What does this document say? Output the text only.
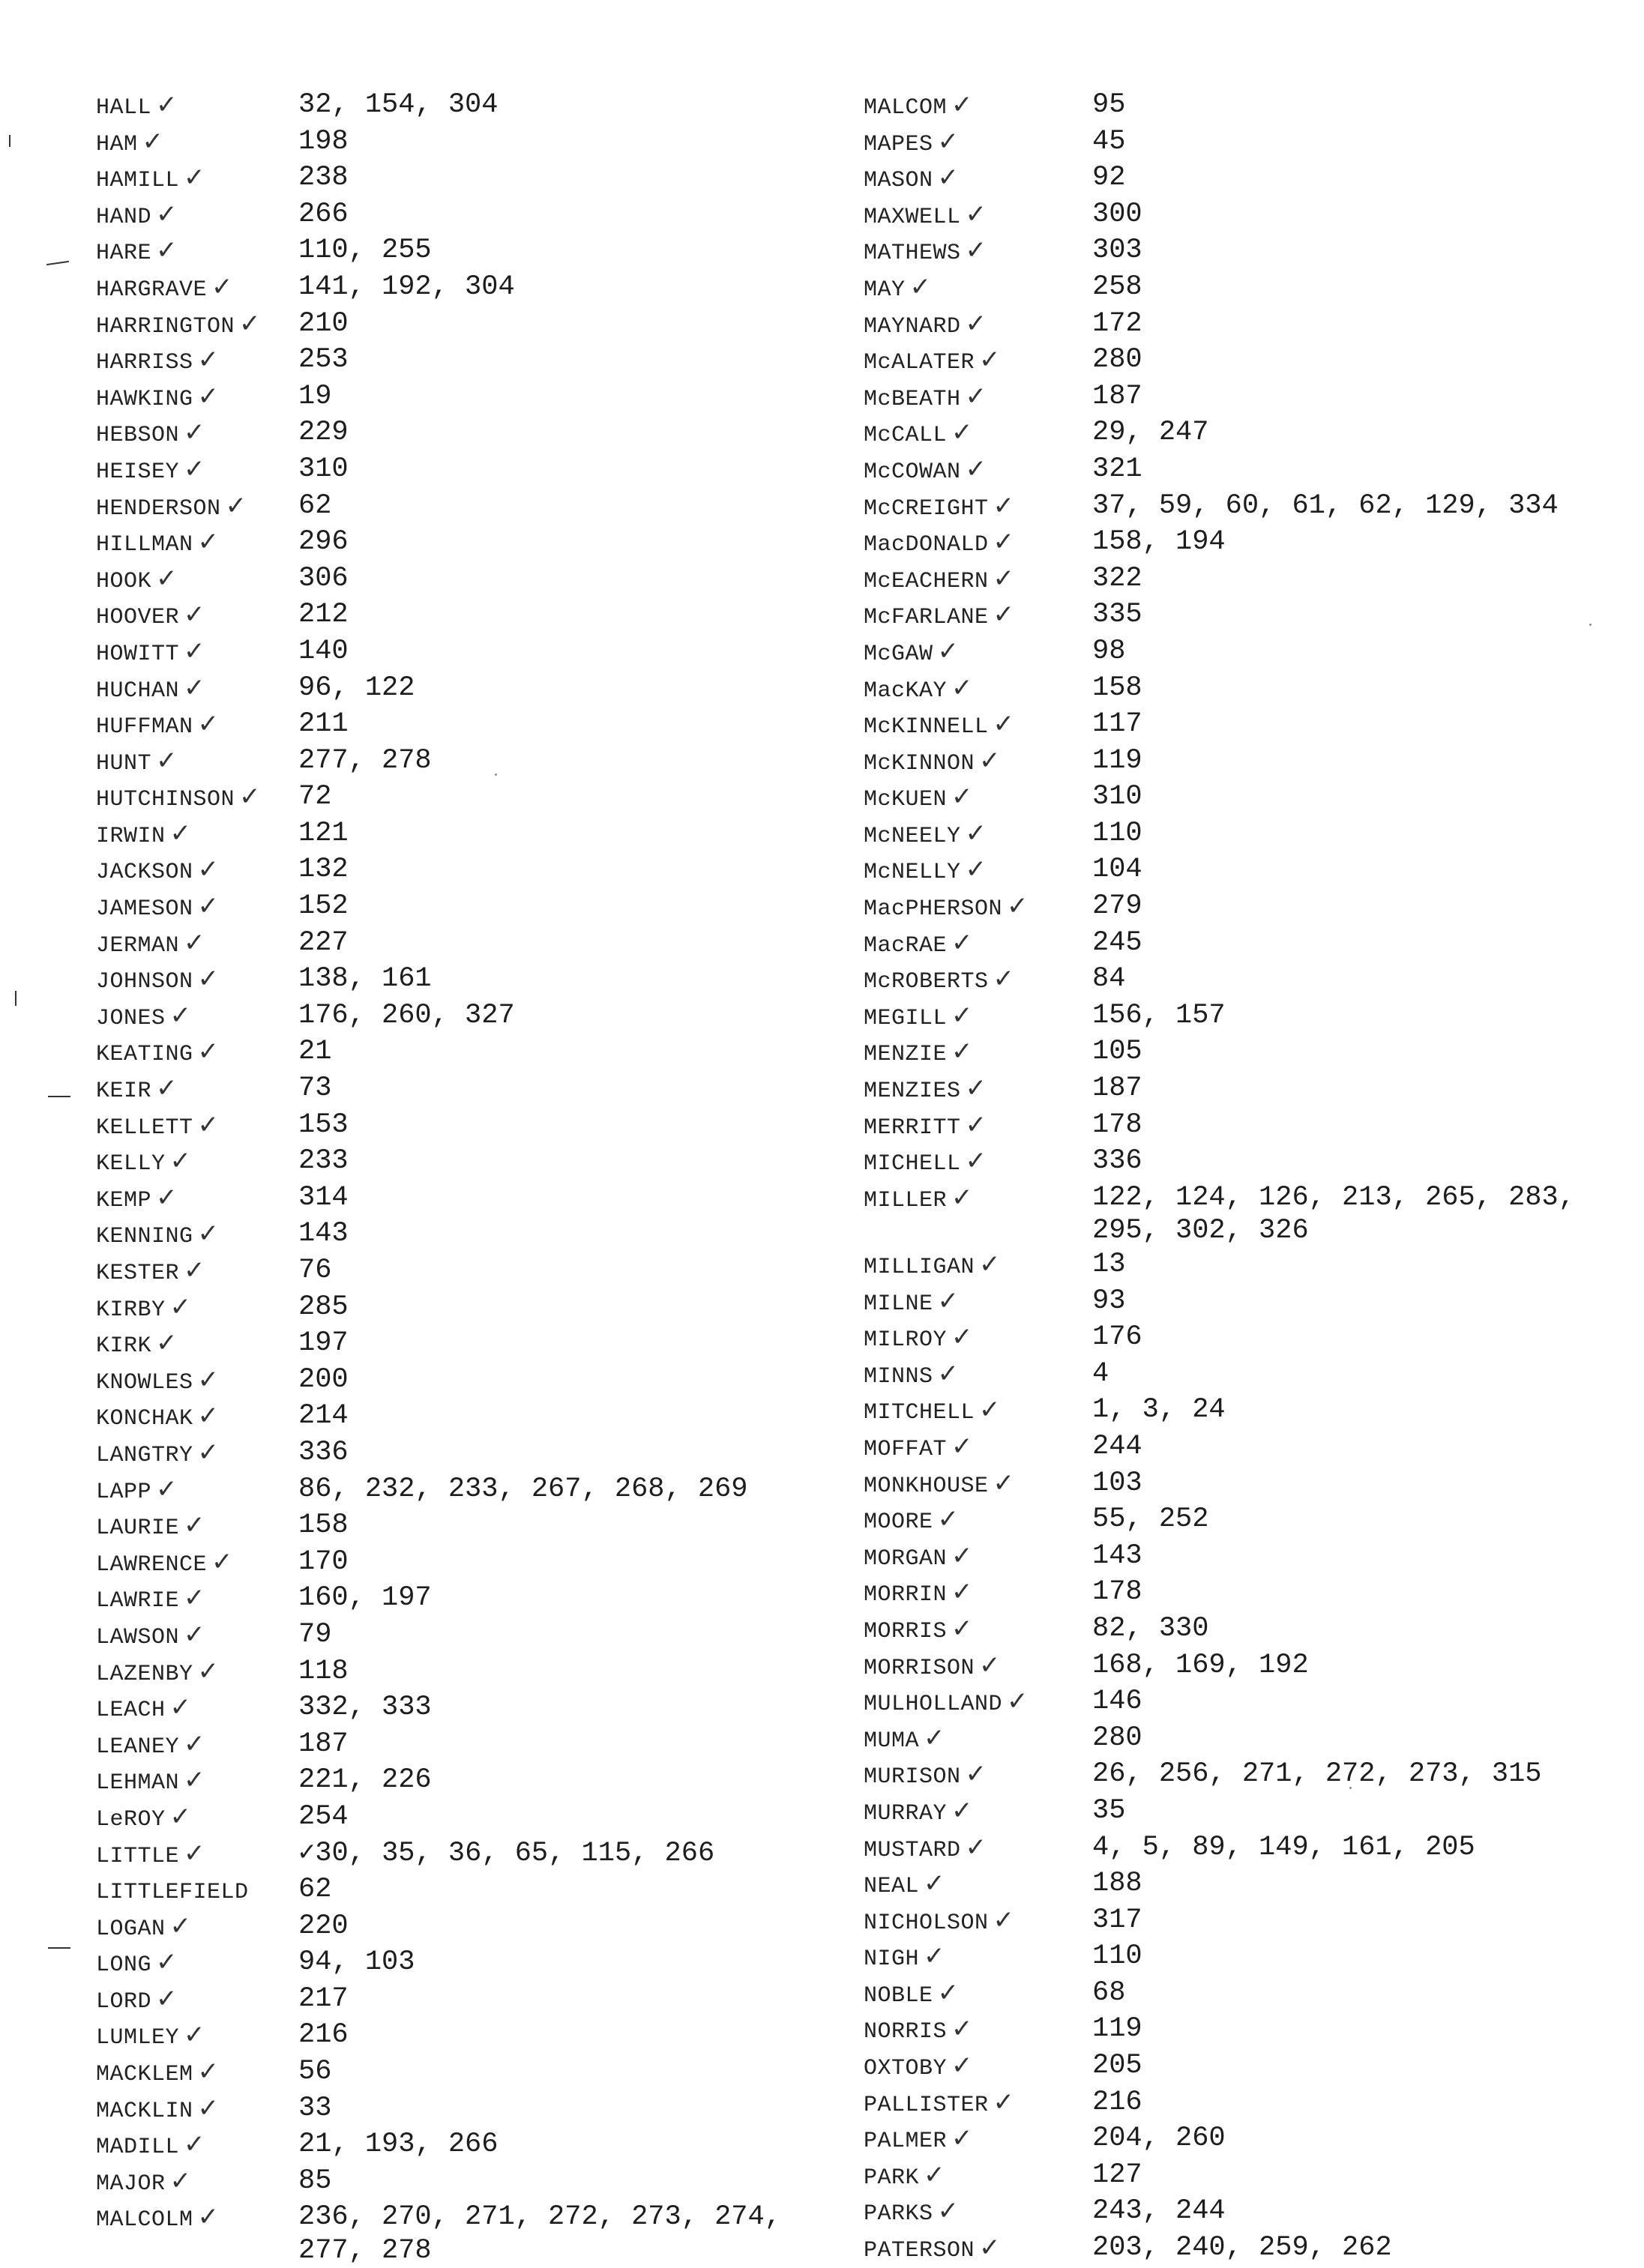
HALL ✓	32, 154, 304
HAM ✓	198
HAMILL ✓	238
HAND ✓	266
HARE ✓	110, 255
HARGRAVE ✓	141, 192, 304
HARRINGTON ✓	210
HARRISS ✓	253
HAWKING ✓	19
HEBSON ✓	229
HEISEY ✓	310
HENDERSON ✓	62
HILLMAN ✓	296
HOOK ✓	306
HOOVER ✓	212
HOWITT ✓	140
HUCHAN ✓	96, 122
HUFFMAN ✓	211
HUNT ✓	277, 278
HUTCHINSON ✓	72
IRWIN ✓	121
JACKSON ✓	132
JAMESON ✓	152
JERMAN ✓	227
JOHNSON ✓	138, 161
JONES ✓	176, 260, 327
KEATING ✓	21
KEIR ✓	73
KELLETT ✓	153
KELLY ✓	233
KEMP ✓	314
KENNING ✓	143
KESTER ✓	76
KIRBY ✓	285
KIRK ✓	197
KNOWLES ✓	200
KONCHAK ✓	214
LANGTRY ✓	336
LAPP ✓	86, 232, 233, 267, 268, 269
LAURIE ✓	158
LAWRENCE ✓	170
LAWRIE ✓	160, 197
LAWSON ✓	79
LAZENBY ✓	118
LEACH ✓	332, 333
LEANEY ✓	187
LEHMAN ✓	221, 226
LeROY ✓	254
LITTLE ✓	✓30, 35, 36, 65, 115, 266
LITTLEFIELD	62
LOGAN ✓	220
LONG ✓	94, 103
LORD ✓	217
LUMLEY ✓	216
MACKLEM ✓	56
MACKLIN ✓	33
MADILL ✓	21, 193, 266
MAJOR ✓	85
MALCOLM ✓	236, 270, 271, 272, 273, 274, 277, 278
MALCOM ✓	95
MAPES ✓	45
MASON ✓	92
MAXWELL ✓	300
MATHEWS ✓	303
MAY ✓	258
MAYNARD ✓	172
McALATER ✓	280
McBEATH ✓	187
McCALL ✓	29, 247
McCOWAN ✓	321
McCREIGHT ✓	37, 59, 60, 61, 62, 129, 334
MacDONALD ✓	158, 194
McEACHERN ✓	322
McFARLANE ✓	335
McGAW ✓	98
MacKAY ✓	158
McKINNELL ✓	117
McKINNON ✓	119
McKUEN ✓	310
McNEELY ✓	110
McNELLY ✓	104
MacPHERSON ✓	279
MacRAE ✓	245
McROBERTS ✓	84
MEGILL ✓	156, 157
MENZIE ✓	105
MENZIES ✓	187
MERRITT ✓	178
MICHELL ✓	336
MILLER ✓	122, 124, 126, 213, 265, 283, 295, 302, 326
MILLIGAN ✓	13
MILNE ✓	93
MILROY ✓	176
MINNS ✓	4
MITCHELL ✓	1, 3, 24
MOFFAT ✓	244
MONKHOUSE ✓	103
MOORE ✓	55, 252
MORGAN ✓	143
MORRIN ✓	178
MORRIS ✓	82, 330
MORRISON ✓	168, 169, 192
MULHOLLAND ✓	146
MUMA ✓	280
MURISON ✓	26, 256, 271, 272, 273, 315
MURRAY ✓	35
MUSTARD ✓	4, 5, 89, 149, 161, 205
NEAL ✓	188
NICHOLSON ✓	317
NIGH ✓	110
NOBLE ✓	68
NORRIS ✓	119
OXTOBY ✓	205
PALLISTER ✓	216
PALMER ✓	204, 260
PARK ✓	127
PARKS ✓	243, 244
PATERSON ✓	203, 240, 259, 262
